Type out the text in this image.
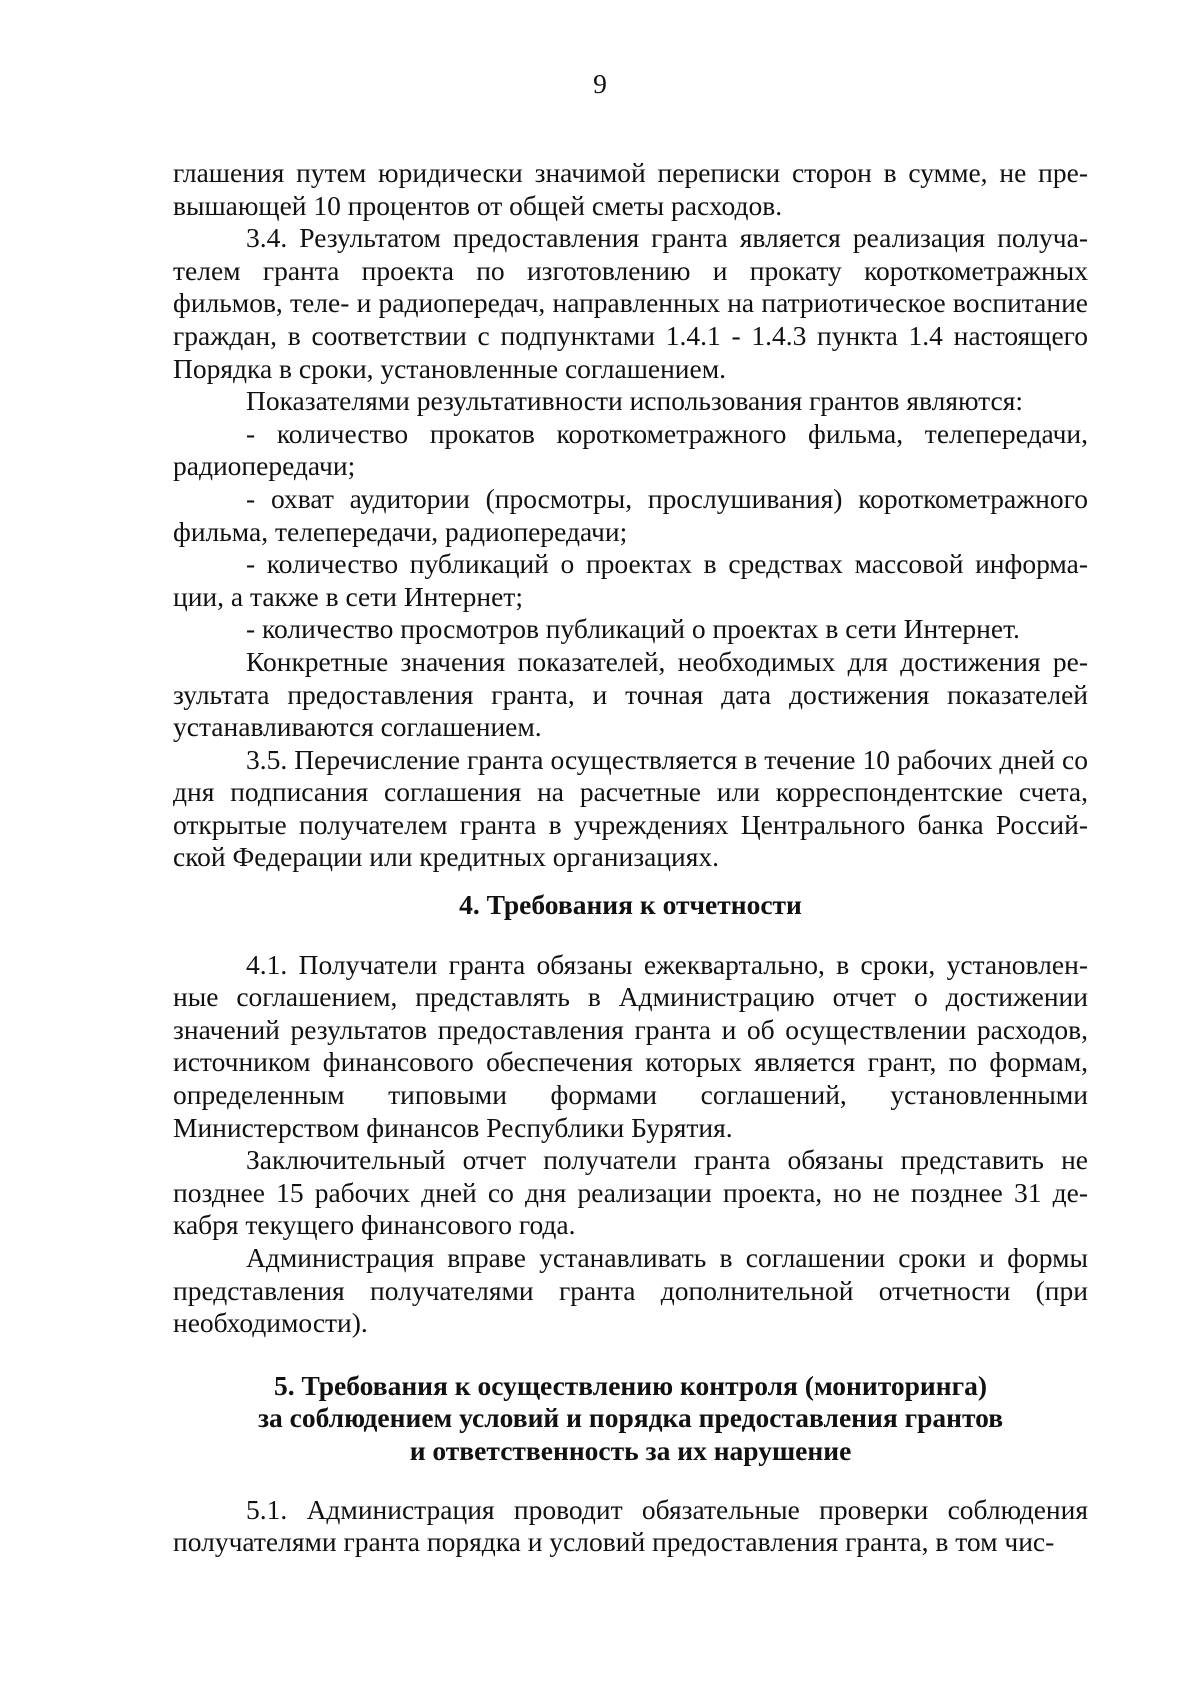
9

глашения путем юридически значимой переписки сторон в сумме, не превышающей 10 процентов от общей сметы расходов.

3.4. Результатом предоставления гранта является реализация получателем гранта проекта по изготовлению и прокату короткометражных фильмов, теле- и радиопередач, направленных на патриотическое воспитание граждан, в соответствии с подпунктами 1.4.1 - 1.4.3 пункта 1.4 настоящего Порядка в сроки, установленные соглашением.

Показателями результативности использования грантов являются:

- количество прокатов короткометражного фильма, телепередачи, радиопередачи;

- охват аудитории (просмотры, прослушивания) короткометражного фильма, телепередачи, радиопередачи;

- количество публикаций о проектах в средствах массовой информации, а также в сети Интернет;

- количество просмотров публикаций о проектах в сети Интернет.

Конкретные значения показателей, необходимых для достижения результата предоставления гранта, и точная дата достижения показателей устанавливаются соглашением.

3.5. Перечисление гранта осуществляется в течение 10 рабочих дней со дня подписания соглашения на расчетные или корреспондентские счета, открытые получателем гранта в учреждениях Центрального банка Российской Федерации или кредитных организациях.

4. Требования к отчетности

4.1. Получатели гранта обязаны ежеквартально, в сроки, установленные соглашением, представлять в Администрацию отчет о достижении значений результатов предоставления гранта и об осуществлении расходов, источником финансового обеспечения которых является грант, по формам, определенным типовыми формами соглашений, установленными Министерством финансов Республики Бурятия.

Заключительный отчет получатели гранта обязаны представить не позднее 15 рабочих дней со дня реализации проекта, но не позднее 31 декабря текущего финансового года.

Администрация вправе устанавливать в соглашении сроки и формы представления получателями гранта дополнительной отчетности (при необходимости).

5. Требования к осуществлению контроля (мониторинга)
за соблюдением условий и порядка предоставления грантов
и ответственность за их нарушение

5.1. Администрация проводит обязательные проверки соблюдения получателями гранта порядка и условий предоставления гранта, в том чис-
